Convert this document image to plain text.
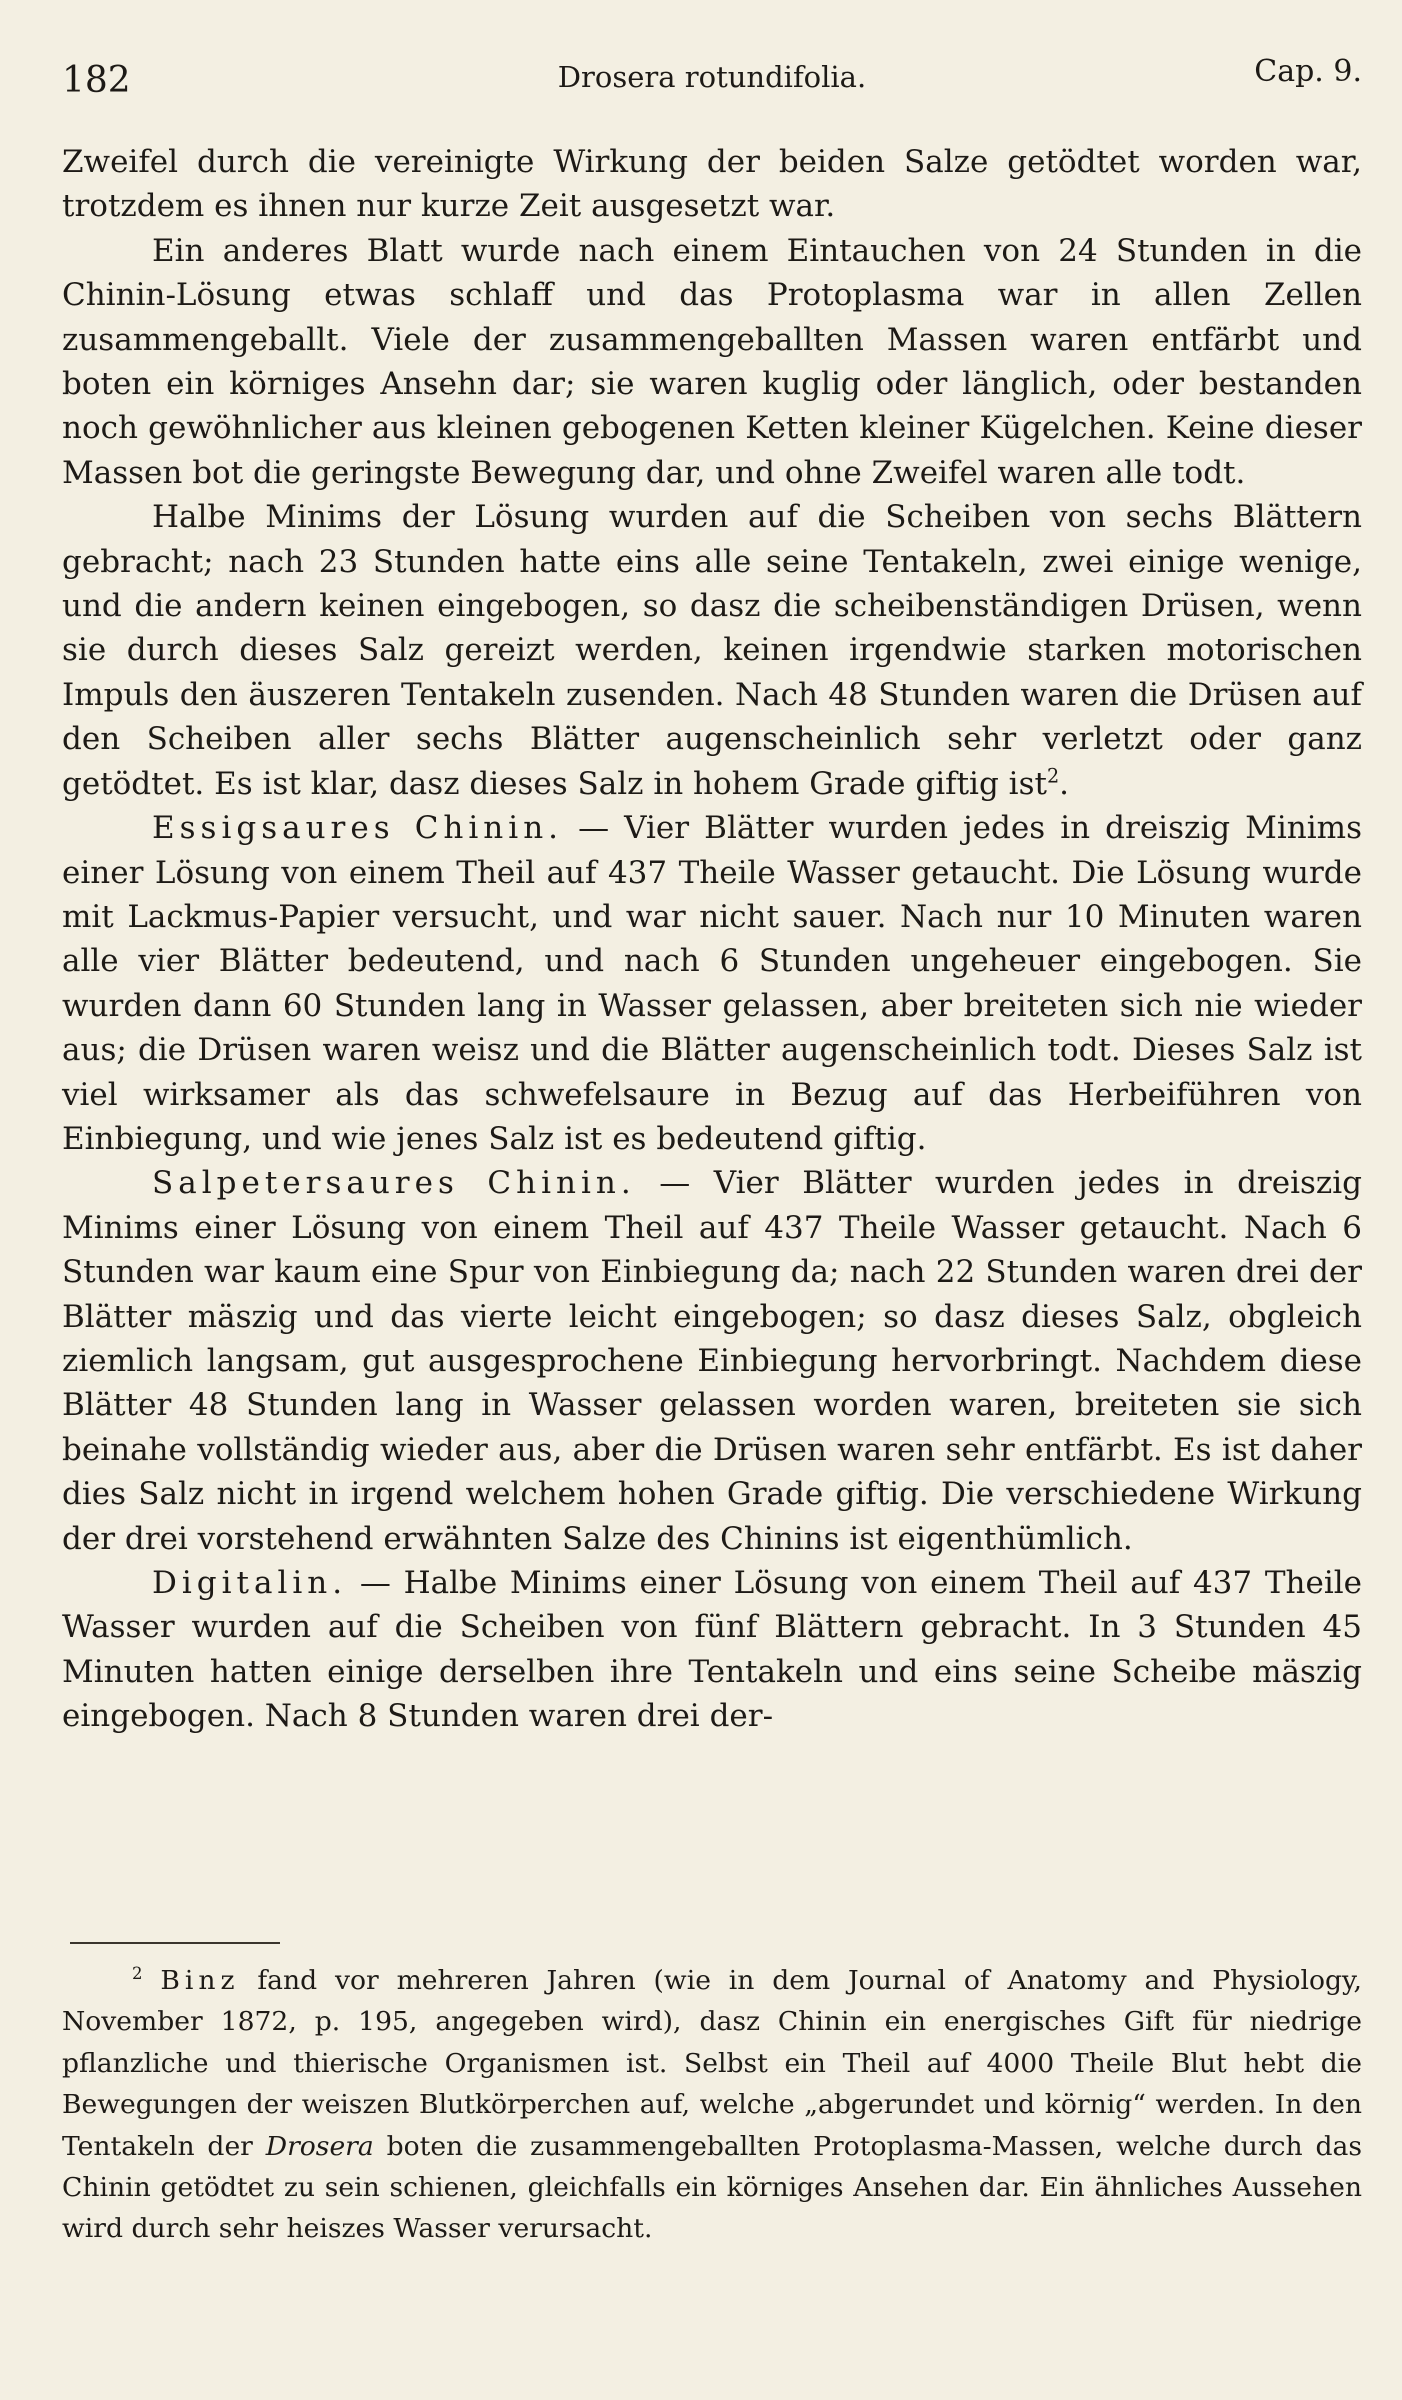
182	Drosera rotundifolia.	Cap. 9.

Zweifel durch die vereinigte Wirkung der beiden Salze getödtet worden war, trotzdem es ihnen nur kurze Zeit ausgesetzt war.

Ein anderes Blatt wurde nach einem Eintauchen von 24 Stunden in die Chinin-Lösung etwas schlaff und das Protoplasma war in allen Zellen zusammengeballt. Viele der zusammengeballten Massen waren entfärbt und boten ein körniges Ansehn dar; sie waren kuglig oder länglich, oder bestanden noch gewöhnlicher aus kleinen gebogenen Ketten kleiner Kügelchen. Keine dieser Massen bot die geringste Bewegung dar, und ohne Zweifel waren alle todt.

Halbe Minims der Lösung wurden auf die Scheiben von sechs Blättern gebracht; nach 23 Stunden hatte eins alle seine Tentakeln, zwei einige wenige, und die andern keinen eingebogen, so dasz die scheibenständigen Drüsen, wenn sie durch dieses Salz gereizt werden, keinen irgendwie starken motorischen Impuls den äuszeren Tentakeln zusenden. Nach 48 Stunden waren die Drüsen auf den Scheiben aller sechs Blätter augenscheinlich sehr verletzt oder ganz getödtet. Es ist klar, dasz dieses Salz in hohem Grade giftig ist$^2$.

Essigsaures Chinin. — Vier Blätter wurden jedes in dreiszig Minims einer Lösung von einem Theil auf 437 Theile Wasser getaucht. Die Lösung wurde mit Lackmus-Papier versucht, und war nicht sauer. Nach nur 10 Minuten waren alle vier Blätter bedeutend, und nach 6 Stunden ungeheuer eingebogen. Sie wurden dann 60 Stunden lang in Wasser gelassen, aber breiteten sich nie wieder aus; die Drüsen waren weisz und die Blätter augenscheinlich todt. Dieses Salz ist viel wirksamer als das schwefelsaure in Bezug auf das Herbeiführen von Einbiegung, und wie jenes Salz ist es bedeutend giftig.

Salpetersaures Chinin. — Vier Blätter wurden jedes in dreiszig Minims einer Lösung von einem Theil auf 437 Theile Wasser getaucht. Nach 6 Stunden war kaum eine Spur von Einbiegung da; nach 22 Stunden waren drei der Blätter mäszig und das vierte leicht eingebogen; so dasz dieses Salz, obgleich ziemlich langsam, gut ausgesprochene Einbiegung hervorbringt. Nachdem diese Blätter 48 Stunden lang in Wasser gelassen worden waren, breiteten sie sich beinahe vollständig wieder aus, aber die Drüsen waren sehr entfärbt. Es ist daher dies Salz nicht in irgend welchem hohen Grade giftig. Die verschiedene Wirkung der drei vorstehend erwähnten Salze des Chinins ist eigenthümlich.

Digitalin. — Halbe Minims einer Lösung von einem Theil auf 437 Theile Wasser wurden auf die Scheiben von fünf Blättern gebracht. In 3 Stunden 45 Minuten hatten einige derselben ihre Tentakeln und eins seine Scheibe mäszig eingebogen. Nach 8 Stunden waren drei der-

$^2$ Binz fand vor mehreren Jahren (wie in dem Journal of Anatomy and Physiology, November 1872, p. 195, angegeben wird), dasz Chinin ein energisches Gift für niedrige pflanzliche und thierische Organismen ist. Selbst ein Theil auf 4000 Theile Blut hebt die Bewegungen der weiszen Blutkörperchen auf, welche „abgerundet und körnig“ werden. In den Tentakeln der Drosera boten die zusammengeballten Protoplasma-Massen, welche durch das Chinin getödtet zu sein schienen, gleichfalls ein körniges Ansehen dar. Ein ähnliches Aussehen wird durch sehr heiszes Wasser verursacht.
